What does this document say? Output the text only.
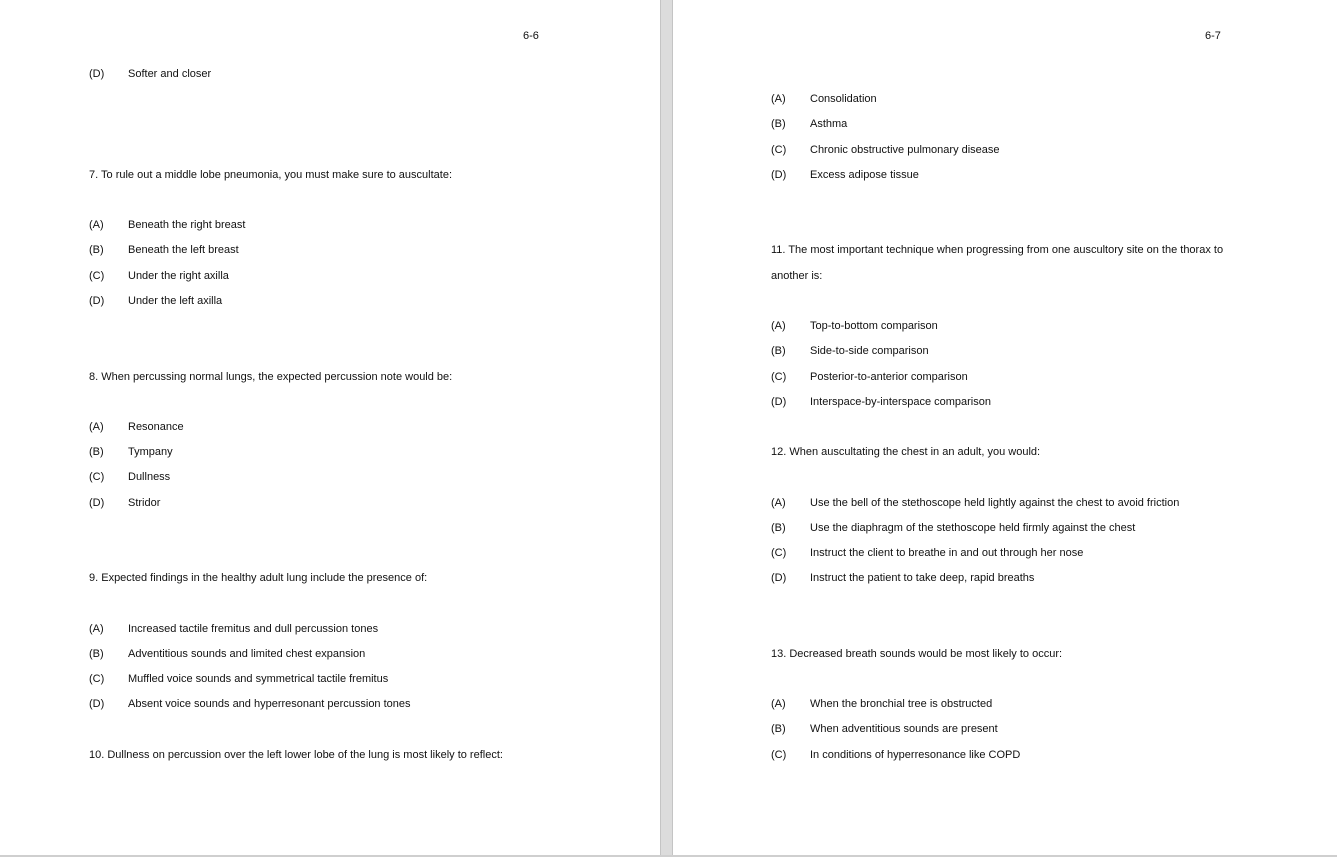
6-6
(D) Softer and closer
7. To rule out a middle lobe pneumonia, you must make sure to auscultate:
(A) Beneath the right breast
(B) Beneath the left breast
(C) Under the right axilla
(D) Under the left axilla
8. When percussing normal lungs, the expected percussion note would be:
(A) Resonance
(B) Tympany
(C) Dullness
(D) Stridor
9. Expected findings in the healthy adult lung include the presence of:
(A) Increased tactile fremitus and dull percussion tones
(B) Adventitious sounds and limited chest expansion
(C) Muffled voice sounds and symmetrical tactile fremitus
(D) Absent voice sounds and hyperresonant percussion tones
10. Dullness on percussion over the left lower lobe of the lung is most likely to reflect:
6-7
(A) Consolidation
(B) Asthma
(C) Chronic obstructive pulmonary disease
(D) Excess adipose tissue
11. The most important technique when progressing from one auscultory site on the thorax to
another is:
(A) Top-to-bottom comparison
(B) Side-to-side comparison
(C) Posterior-to-anterior comparison
(D) Interspace-by-interspace comparison
12. When auscultating the chest in an adult, you would:
(A) Use the bell of the stethoscope held lightly against the chest to avoid friction
(B) Use the diaphragm of the stethoscope held firmly against the chest
(C) Instruct the client to breathe in and out through her nose
(D) Instruct the patient to take deep, rapid breaths
13. Decreased breath sounds would be most likely to occur:
(A) When the bronchial tree is obstructed
(B) When adventitious sounds are present
(C) In conditions of hyperresonance like COPD
